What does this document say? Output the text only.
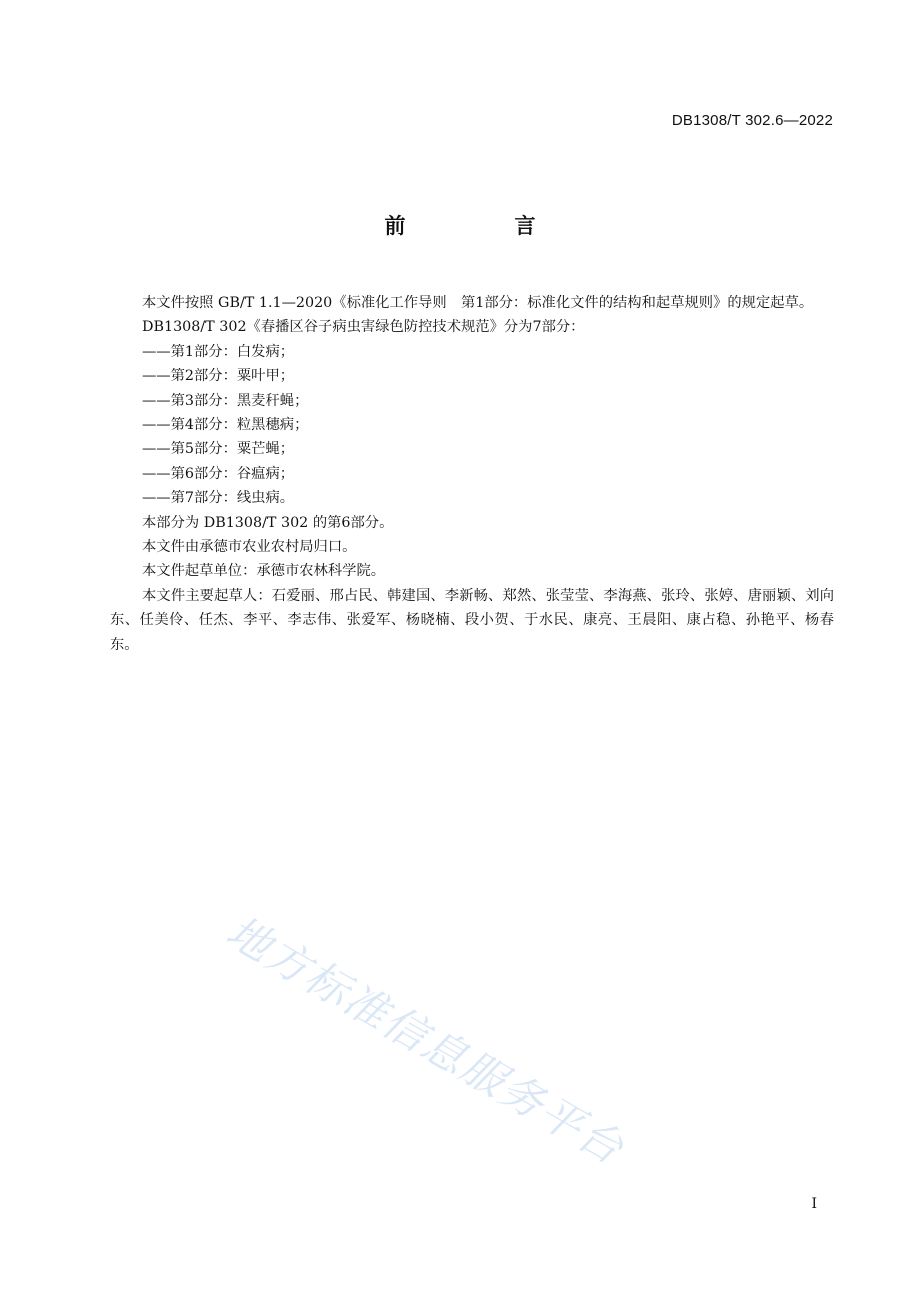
DB1308/T 302.6—2022
前　言

本文件按照 GB/T 1.1—2020《标准化工作导则　第1部分：标准化文件的结构和起草规则》的规定起草。

DB1308/T 302《春播区谷子病虫害绿色防控技术规范》分为7部分：

——第1部分：白发病；

——第2部分：粟叶甲；

——第3部分：黑麦秆蝇；

——第4部分：粒黑穗病；

——第5部分：粟芒蝇；

——第6部分：谷瘟病；

——第7部分：线虫病。

本部分为 DB1308/T 302 的第6部分。

本文件由承德市农业农村局归口。

本文件起草单位：承德市农林科学院。

本文件主要起草人：石爱丽、邢占民、韩建国、李新畅、郑然、张莹莹、李海燕、张玲、张婷、唐丽颖、刘向东、任美伶、任杰、李平、李志伟、张爱军、杨晓楠、段小贺、于水民、康亮、王晨阳、康占稳、孙艳平、杨春东。

地方标准信息服务平台
I
